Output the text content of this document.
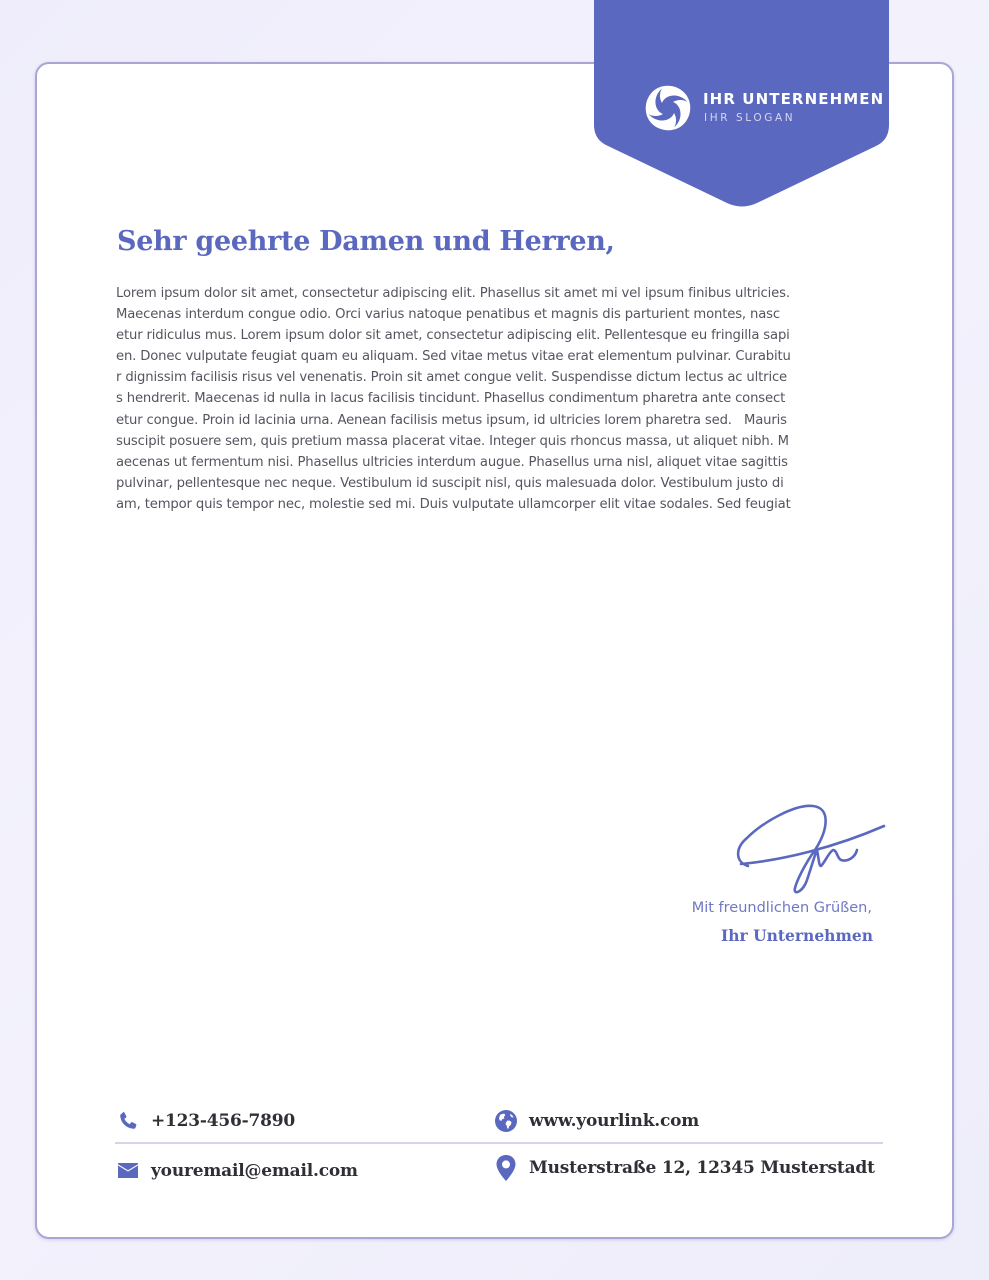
IHR UNTERNEHMEN
IHR SLOGAN
Sehr geehrte Damen und Herren,
Lorem ipsum dolor sit amet, consectetur adipiscing elit. Phasellus sit amet mi vel ipsum finibus ultricies.
Maecenas interdum congue odio. Orci varius natoque penatibus et magnis dis parturient montes, nasc
etur ridiculus mus. Lorem ipsum dolor sit amet, consectetur adipiscing elit. Pellentesque eu fringilla sapi
en. Donec vulputate feugiat quam eu aliquam. Sed vitae metus vitae erat elementum pulvinar. Curabitu
r dignissim facilisis risus vel venenatis. Proin sit amet congue velit. Suspendisse dictum lectus ac ultrice
s hendrerit. Maecenas id nulla in lacus facilisis tincidunt. Phasellus condimentum pharetra ante consect
etur congue. Proin id lacinia urna. Aenean facilisis metus ipsum, id ultricies lorem pharetra sed.   Mauris
suscipit posuere sem, quis pretium massa placerat vitae. Integer quis rhoncus massa, ut aliquet nibh. M
aecenas ut fermentum nisi. Phasellus ultricies interdum augue. Phasellus urna nisl, aliquet vitae sagittis
pulvinar, pellentesque nec neque. Vestibulum id suscipit nisl, quis malesuada dolor. Vestibulum justo di
am, tempor quis tempor nec, molestie sed mi. Duis vulputate ullamcorper elit vitae sodales. Sed feugiat
Mit freundlichen Grüßen,
Ihr Unternehmen
+123-456-7890	www.yourlink.com
youremail@email.com	Musterstraße 12, 12345 Musterstadt
